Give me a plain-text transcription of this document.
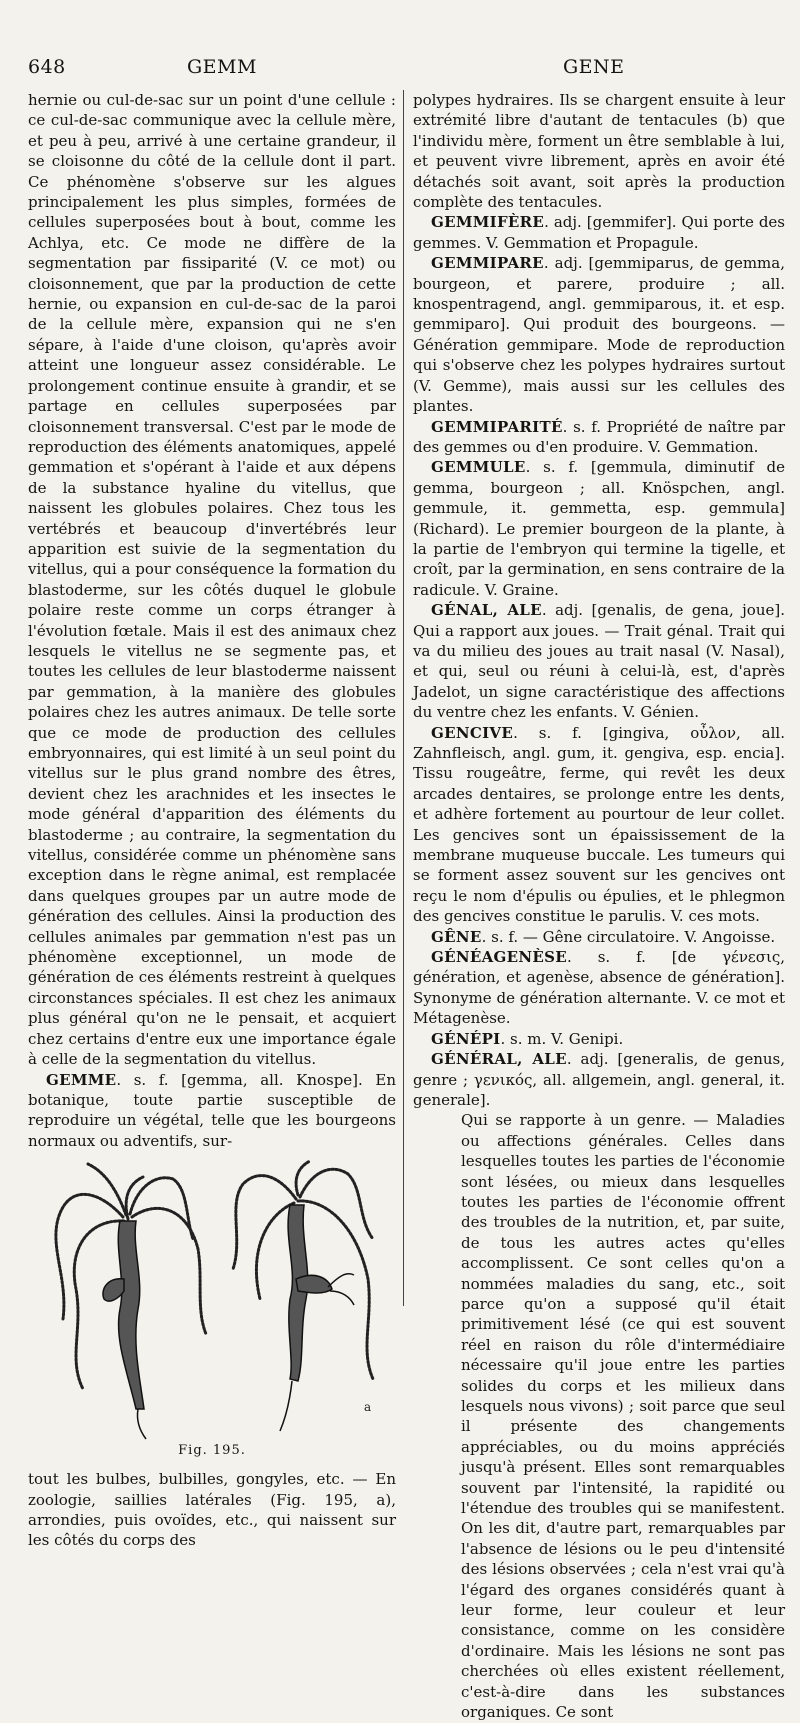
648	GEMM	GENE

hernie ou cul-de-sac sur un point d'une cellule : ce cul-de-sac communique avec la cellule mère, et peu à peu, arrivé à une certaine grandeur, il se cloisonne du côté de la cellule dont il part. Ce phénomène s'observe sur les algues principalement les plus simples, formées de cellules superposées bout à bout, comme les Achlya, etc. Ce mode ne diffère de la segmentation par fissiparité (V. ce mot) ou cloisonnement, que par la production de cette hernie, ou expansion en cul-de-sac de la paroi de la cellule mère, expansion qui ne s'en sépare, à l'aide d'une cloison, qu'après avoir atteint une longueur assez considérable. Le prolongement continue ensuite à grandir, et se partage en cellules superposées par cloisonnement transversal. C'est par le mode de reproduction des éléments anatomiques, appelé gemmation et s'opérant à l'aide et aux dépens de la substance hyaline du vitellus, que naissent les globules polaires. Chez tous les vertébrés et beaucoup d'invertébrés leur apparition est suivie de la segmentation du vitellus, qui a pour conséquence la formation du blastoderme, sur les côtés duquel le globule polaire reste comme un corps étranger à l'évolution fœtale. Mais il est des animaux chez lesquels le vitellus ne se segmente pas, et toutes les cellules de leur blastoderme naissent par gemmation, à la manière des globules polaires chez les autres animaux. De telle sorte que ce mode de production des cellules embryonnaires, qui est limité à un seul point du vitellus sur le plus grand nombre des êtres, devient chez les arachnides et les insectes le mode général d'apparition des éléments du blastoderme ; au contraire, la segmentation du vitellus, considérée comme un phénomène sans exception dans le règne animal, est remplacée dans quelques groupes par un autre mode de génération des cellules. Ainsi la production des cellules animales par gemmation n'est pas un phénomène exceptionnel, un mode de génération de ces éléments restreint à quelques circonstances spéciales. Il est chez les animaux plus général qu'on ne le pensait, et acquiert chez certains d'entre eux une importance égale à celle de la segmentation du vitellus.

GEMME. s. f. [gemma, all. Knospe]. En botanique, toute partie susceptible de reproduire un végétal, telle que les bourgeons normaux ou adventifs, sur-

a

Fig. 195.

tout les bulbes, bulbilles, gongyles, etc. — En zoologie, saillies latérales (Fig. 195, a), arrondies, puis ovoïdes, etc., qui naissent sur les côtés du corps des

polypes hydraires. Ils se chargent ensuite à leur extrémité libre d'autant de tentacules (b) que l'individu mère, forment un être semblable à lui, et peuvent vivre librement, après en avoir été détachés soit avant, soit après la production complète des tentacules.

GEMMIFÈRE. adj. [gemmifer]. Qui porte des gemmes. V. Gemmation et Propagule.

GEMMIPARE. adj. [gemmiparus, de gemma, bourgeon, et parere, produire ; all. knospentragend, angl. gemmiparous, it. et esp. gemmiparo]. Qui produit des bourgeons. — Génération gemmipare. Mode de reproduction qui s'observe chez les polypes hydraires surtout (V. Gemme), mais aussi sur les cellules des plantes.

GEMMIPARITÉ. s. f. Propriété de naître par des gemmes ou d'en produire. V. Gemmation.

GEMMULE. s. f. [gemmula, diminutif de gemma, bourgeon ; all. Knöspchen, angl. gemmule, it. gemmetta, esp. gemmula] (Richard). Le premier bourgeon de la plante, à la partie de l'embryon qui termine la tigelle, et croît, par la germination, en sens contraire de la radicule. V. Graine.

GÉNAL, ALE. adj. [genalis, de gena, joue]. Qui a rapport aux joues. — Trait génal. Trait qui va du milieu des joues au trait nasal (V. Nasal), et qui, seul ou réuni à celui-là, est, d'après Jadelot, un signe caractéristique des affections du ventre chez les enfants. V. Génien.

GENCIVE. s. f. [gingiva, οὖλον, all. Zahnfleisch, angl. gum, it. gengiva, esp. encia]. Tissu rougeâtre, ferme, qui revêt les deux arcades dentaires, se prolonge entre les dents, et adhère fortement au pourtour de leur collet. Les gencives sont un épaississement de la membrane muqueuse buccale. Les tumeurs qui se forment assez souvent sur les gencives ont reçu le nom d'épulis ou épulies, et le phlegmon des gencives constitue le parulis. V. ces mots.

GÊNE. s. f. — Gêne circulatoire. V. Angoisse.

GÉNÉAGENÈSE. s. f. [de γένεσις, génération, et agenèse, absence de génération]. Synonyme de génération alternante. V. ce mot et Métagenèse.

GÉNÉPI. s. m. V. Genipi.

GÉNÉRAL, ALE. adj. [generalis, de genus, genre ; γενικός, all. allgemein, angl. general, it. generale].

Qui se rapporte à un genre. — Maladies ou affections générales. Celles dans lesquelles toutes les parties de l'économie sont lésées, ou mieux dans lesquelles toutes les parties de l'économie offrent des troubles de la nutrition, et, par suite, de tous les autres actes qu'elles accomplissent. Ce sont celles qu'on a nommées maladies du sang, etc., soit parce qu'on a supposé qu'il était primitivement lésé (ce qui est souvent réel en raison du rôle d'intermédiaire nécessaire qu'il joue entre les parties solides du corps et les milieux dans lesquels nous vivons) ; soit parce que seul il présente des changements appréciables, ou du moins appréciés jusqu'à présent. Elles sont remarquables souvent par l'intensité, la rapidité ou l'étendue des troubles qui se manifestent. On les dit, d'autre part, remarquables par l'absence de lésions ou le peu d'intensité des lésions observées ; cela n'est vrai qu'à l'égard des organes considérés quant à leur forme, leur couleur et leur consistance, comme on les considère d'ordinaire. Mais les lésions ne sont pas cherchées où elles existent réellement, c'est-à-dire dans les substances organiques. Ce sont
